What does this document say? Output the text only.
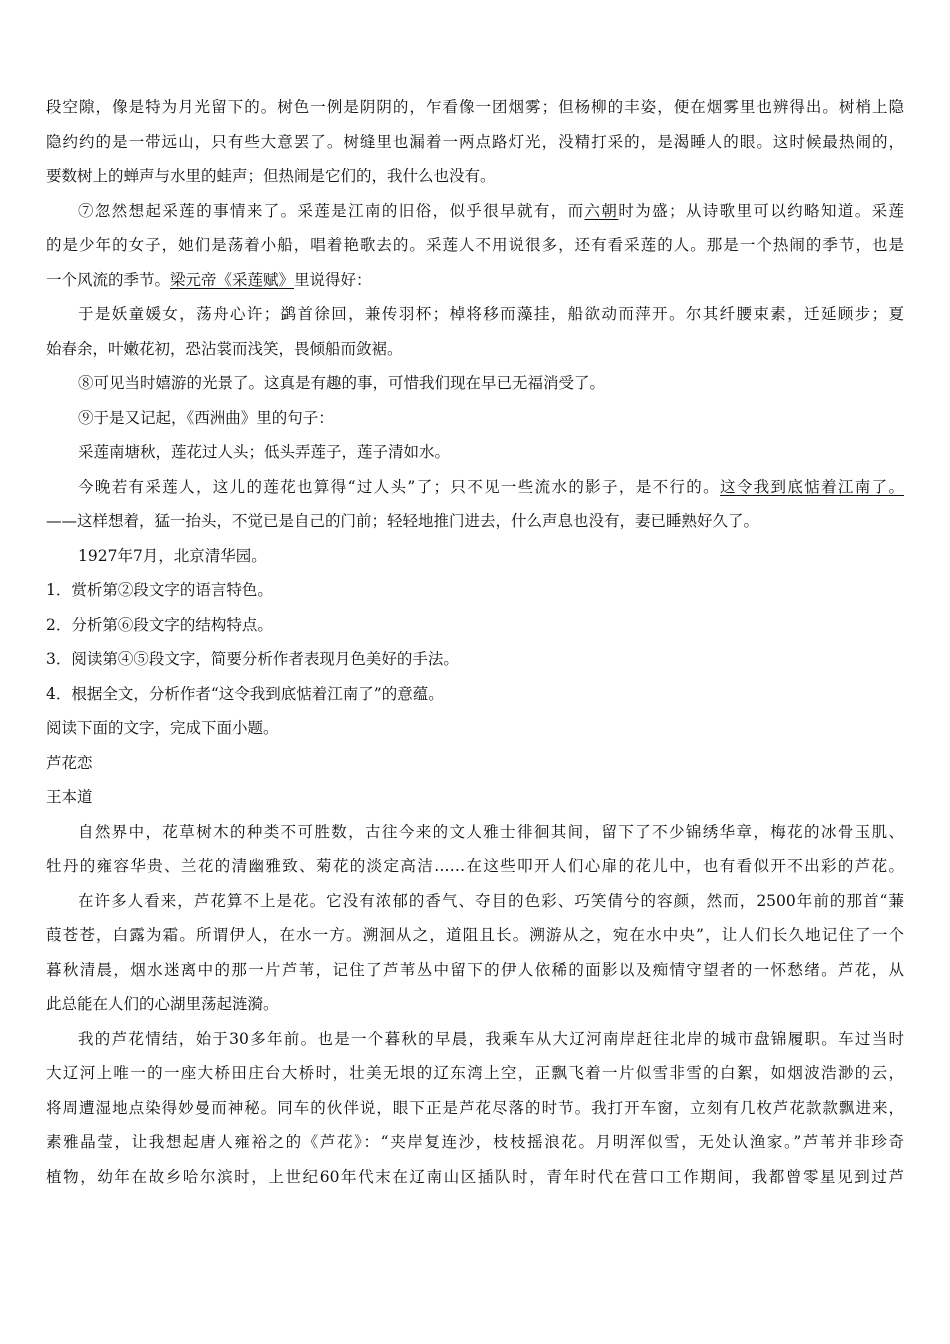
段空隙，像是特为月光留下的。树色一例是阴阴的，乍看像一团烟雾；但杨柳的丰姿，便在烟雾里也辨得出。树梢上隐
隐约约的是一带远山，只有些大意罢了。树缝里也漏着一两点路灯光，没精打采的，是渴睡人的眼。这时候最热闹的，
要数树上的蝉声与水里的蛙声；但热闹是它们的，我什么也没有。
⑦忽然想起采莲的事情来了。采莲是江南的旧俗，似乎很早就有，而六朝时为盛；从诗歌里可以约略知道。采莲
的是少年的女子，她们是荡着小船，唱着艳歌去的。采莲人不用说很多，还有看采莲的人。那是一个热闹的季节，也是
一个风流的季节。梁元帝《采莲赋》里说得好：
于是妖童媛女，荡舟心许；鹢首徐回，兼传羽杯；棹将移而藻挂，船欲动而萍开。尔其纤腰束素，迁延顾步；夏
始春余，叶嫩花初，恐沾裳而浅笑，畏倾船而敛裾。
⑧可见当时嬉游的光景了。这真是有趣的事，可惜我们现在早已无福消受了。
⑨于是又记起，《西洲曲》里的句子：
采莲南塘秋，莲花过人头；低头弄莲子，莲子清如水。
今晚若有采莲人，这儿的莲花也算得“过人头”了；只不见一些流水的影子，是不行的。这令我到底惦着江南了。
——这样想着，猛一抬头，不觉已是自己的门前；轻轻地推门进去，什么声息也没有，妻已睡熟好久了。
1927年7月，北京清华园。
1．赏析第②段文字的语言特色。
2．分析第⑥段文字的结构特点。
3．阅读第④⑤段文字，简要分析作者表现月色美好的手法。
4．根据全文，分析作者“这令我到底惦着江南了”的意蕴。
阅读下面的文字，完成下面小题。
芦花恋
王本道
自然界中，花草树木的种类不可胜数，古往今来的文人雅士徘徊其间，留下了不少锦绣华章，梅花的冰骨玉肌、
牡丹的雍容华贵、兰花的清幽雅致、菊花的淡定高洁……在这些叩开人们心扉的花儿中，也有看似开不出彩的芦花。
在许多人看来，芦花算不上是花。它没有浓郁的香气、夺目的色彩、巧笑倩兮的容颜，然而，2500年前的那首“蒹
葭苍苍，白露为霜。所谓伊人，在水一方。溯洄从之，道阻且长。溯游从之，宛在水中央”，让人们长久地记住了一个
暮秋清晨，烟水迷离中的那一片芦苇，记住了芦苇丛中留下的伊人依稀的面影以及痴情守望者的一怀愁绪。芦花，从
此总能在人们的心湖里荡起涟漪。
我的芦花情结，始于30多年前。也是一个暮秋的早晨，我乘车从大辽河南岸赶往北岸的城市盘锦履职。车过当时
大辽河上唯一的一座大桥田庄台大桥时，壮美无垠的辽东湾上空，正飘飞着一片似雪非雪的白絮，如烟波浩渺的云，
将周遭湿地点染得妙曼而神秘。同车的伙伴说，眼下正是芦花尽落的时节。我打开车窗，立刻有几枚芦花款款飘进来，
素雅晶莹，让我想起唐人雍裕之的《芦花》：“夹岸复连沙，枝枝摇浪花。月明浑似雪，无处认渔家。”芦苇并非珍奇
植物，幼年在故乡哈尔滨时，上世纪60年代末在辽南山区插队时，青年时代在营口工作期间，我都曾零星见到过芦
